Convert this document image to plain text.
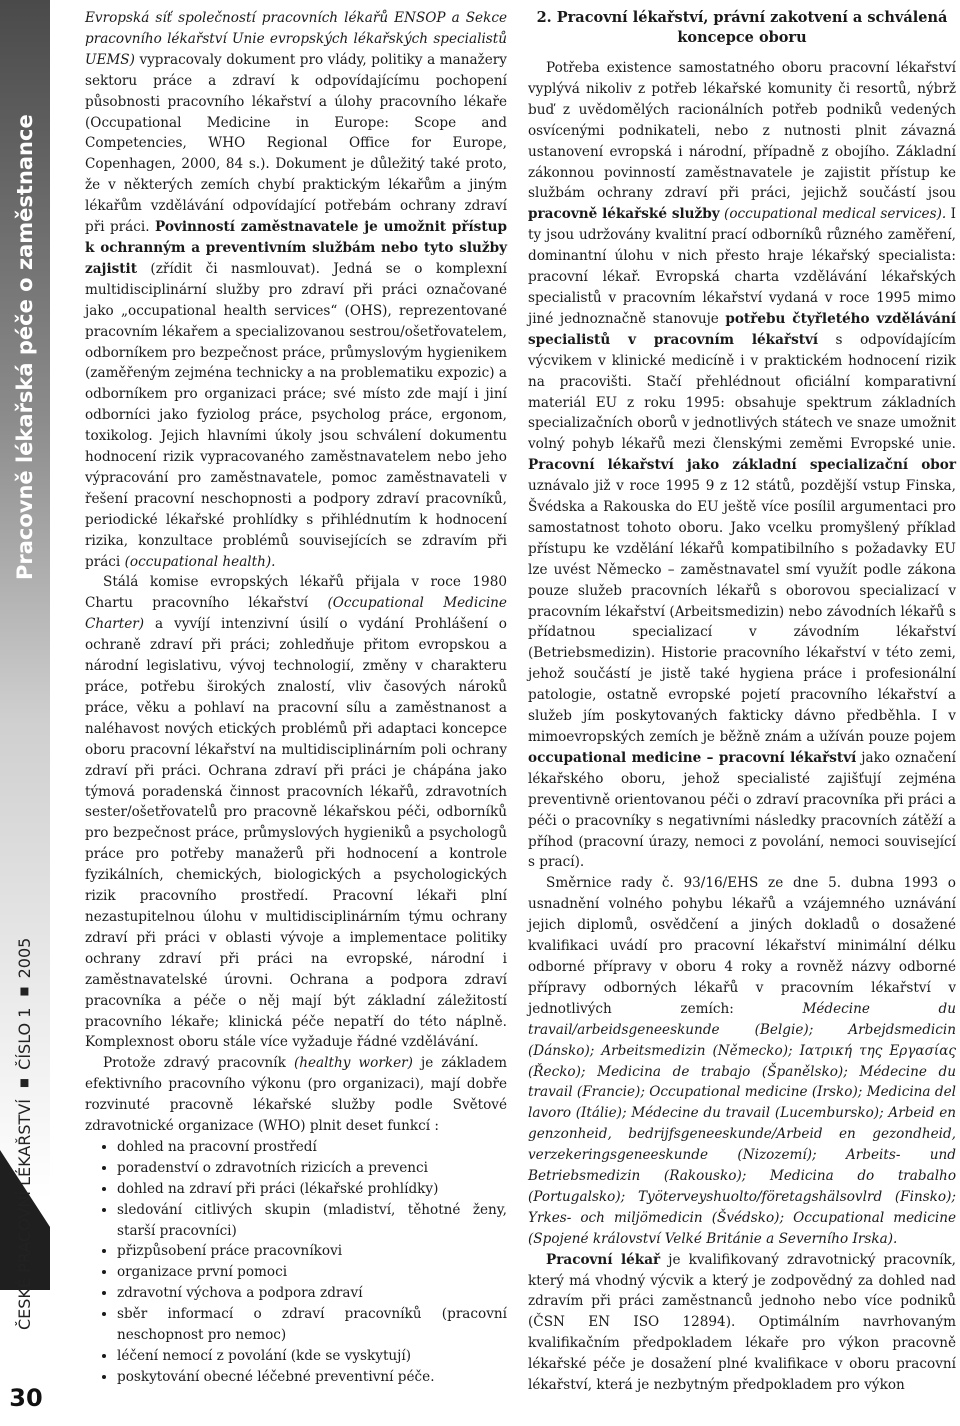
Pracovně lékařská péče o zaměstnance
ČESKÉ PRACOVNÍ LÉKAŘSTVÍ ▪ ČÍSLO 1 ▪ 2005
30

Evropská síť společností pracovních lékařů ENSOP a Sekce pracovního lékařství Unie evropských lékařských specialistů UEMS) vypracovaly dokument pro vlády, politiky a manažery sektoru práce a zdraví k odpovídajícímu pochopení působnosti pracovního lékařství a úlohy pracovního lékaře (Occupational Medicine in Europe: Scope and Competencies, WHO Regional Office for Europe, Copenhagen, 2000, 84 s.). Dokument je důležitý také proto, že v některých zemích chybí praktickým lékařům a jiným lékařům vzdělávání odpovídající potřebám ochrany zdraví při práci. Povinností zaměstnavatele je umožnit přístup k ochranným a preventivním službám nebo tyto služby zajistit (zřídit či nasmlouvat). Jedná se o komplexní multidisciplinární služby pro zdraví při práci označované jako „occupational health services“ (OHS), reprezentované pracovním lékařem a specializovanou sestrou/ošetřovatelem, odborníkem pro bezpečnost práce, průmyslovým hygienikem (zaměřeným zejména technicky a na problematiku expozic) a odborníkem pro organizaci práce; své místo zde mají i jiní odborníci jako fyziolog práce, psycholog práce, ergonom, toxikolog. Jejich hlavními úkoly jsou schválení dokumentu hodnocení rizik vypracovaného zaměstnavatelem nebo jeho výpracování pro zaměstnavatele, pomoc zaměstnavateli v řešení pracovní neschopnosti a podpory zdraví pracovníků, periodické lékařské prohlídky s přihlédnutím k hodnocení rizika, konzultace problémů souvisejících se zdravím při práci (occupational health).

Stálá komise evropských lékařů přijala v roce 1980 Chartu pracovního lékařství (Occupational Medicine Charter) a vyvíjí intenzivní úsilí o vydání Prohlášení o ochraně zdraví při práci; zohledňuje přitom evropskou a národní legislativu, vývoj technologií, změny v charakteru práce, potřebu širokých znalostí, vliv časových nároků práce, věku a pohlaví na pracovní sílu a zaměstnanost a naléhavost nových etických problémů při adaptaci koncepce oboru pracovní lékařství na multidisciplinárním poli ochrany zdraví při práci. Ochrana zdraví při práci je chápána jako týmová poradenská činnost pracovních lékařů, zdravotních sester/ošetřovatelů pro pracovně lékařskou péči, odborníků pro bezpečnost práce, průmyslových hygieniků a psychologů práce pro potřeby manažerů při hodnocení a kontrole fyzikálních, chemických, biologických a psychologických rizik pracovního prostředí. Pracovní lékaři plní nezastupitelnou úlohu v multidisciplinárním týmu ochrany zdraví při práci v oblasti vývoje a implementace politiky ochrany zdraví při práci na evropské, národní i zaměstnavatelské úrovni. Ochrana a podpora zdraví pracovníka a péče o něj mají být základní záležitostí pracovního lékaře; klinická péče nepatří do této náplně. Komplexnost oboru stále více vyžaduje řádné vzdělávání.

Protože zdravý pracovník (healthy worker) je základem efektivního pracovního výkonu (pro organizaci), mají dobře rozvinuté pracovně lékařské služby podle Světové zdravotnické organizace (WHO) plnit deset funkcí :

• dohled na pracovní prostředí
• poradenství o zdravotních rizicích a prevenci
• dohled na zdraví při práci (lékařské prohlídky)
• sledování citlivých skupin (mladiství, těhotné ženy, starší pracovníci)
• přizpůsobení práce pracovníkovi
• organizace první pomoci
• zdravotní výchova a podpora zdraví
• sběr informací o zdraví pracovníků (pracovní neschopnost pro nemoc)
• léčení nemocí z povolání (kde se vyskytují)
• poskytování obecné léčebné preventivní péče.
2. Pracovní lékařství, právní zakotvení a schválená koncepce oboru

Potřeba existence samostatného oboru pracovní lékařství vyplývá nikoliv z potřeb lékařské komunity či resortů, nýbrž buď z uvědomělých racionálních potřeb podniků vedených osvícenými podnikateli, nebo z nutnosti plnit závazná ustanovení evropská i národní, případně z obojího. Základní zákonnou povinností zaměstnavatele je zajistit přístup ke službám ochrany zdraví při práci, jejichž součástí jsou pracovně lékařské služby (occupational medical services). I ty jsou udržovány kvalitní prací odborníků různého zaměření, dominantní úlohu v nich přesto hraje lékařský specialista: pracovní lékař. Evropská charta vzdělávání lékařských specialistů v pracovním lékařství vydaná v roce 1995 mimo jiné jednoznačně stanovuje potřebu čtyřletého vzdělávání specialistů v pracovním lékařství s odpovídajícím výcvikem v klinické medicíně i v praktickém hodnocení rizik na pracovišti. Stačí přehlédnout oficiální komparativní materiál EU z roku 1995: obsahuje spektrum základních specializačních oborů v jednotlivých státech ve snaze umožnit volný pohyb lékařů mezi členskými zeměmi Evropské unie. Pracovní lékařství jako základní specializační obor uznávalo již v roce 1995 9 z 12 států, pozdější vstup Finska, Švédska a Rakouska do EU ještě více posílil argumentaci pro samostatnost tohoto oboru. Jako vcelku promyšlený příklad přístupu ke vzdělání lékařů kompatibilního s požadavky EU lze uvést Německo – zaměstnavatel smí využít podle zákona pouze služeb pracovních lékařů s oborovou specializací v pracovním lékařství (Arbeitsmedizin) nebo závodních lékařů s přídatnou specializací v závodním lékařství (Betriebsmedizin). Historie pracovního lékařství v této zemi, jehož součástí je jistě také hygiena práce i profesionální patologie, ostatně evropské pojetí pracovního lékařství a služeb jím poskytovaných fakticky dávno předběhla. I v mimoevropských zemích je běžně znám a užíván pouze pojem occupational medicine – pracovní lékařství jako označení lékařského oboru, jehož specialisté zajišťují zejména preventivně orientovanou péči o zdraví pracovníka při práci a péči o pracovníky s negativními následky pracovních zátěží a příhod (pracovní úrazy, nemoci z povolání, nemoci související s prací).

Směrnice rady č. 93/16/EHS ze dne 5. dubna 1993 o usnadnění volného pohybu lékařů a vzájemného uznávání jejich diplomů, osvědčení a jiných dokladů o dosažené kvalifikaci uvádí pro pracovní lékařství minimální délku odborné přípravy v oboru 4 roky a rovněž názvy odborné přípravy odborných lékařů v pracovním lékařství v jednotlivých zemích: Médecine du travail/arbeidsgeneeskunde (Belgie); Arbejdsmedicin (Dánsko); Arbeitsmedizin (Německo); Ιατρική της Εργασίας (Řecko); Medicina de trabajo (Španělsko); Médecine du travail (Francie); Occupational medicine (Irsko); Medicina del lavoro (Itálie); Médecine du travail (Lucembursko); Arbeid en genzonheid, bedrijfsgeneeskunde/Arbeid en gezondheid, verzekeringsgeneeskunde (Nizozemí); Arbeits- und Betriebsmedizin (Rakousko); Medicina do trabalho (Portugalsko); Työterveyshuolto/företagshälsovlrd (Finsko); Yrkes- och miljömedicin (Švédsko); Occupational medicine (Spojené království Velké Británie a Severního Irska).

Pracovní lékař je kvalifikovaný zdravotnický pracovník, který má vhodný výcvik a který je zodpovědný za dohled nad zdravím při práci zaměstnanců jednoho nebo více podniků (ČSN EN ISO 12894). Optimálním navrhovaným kvalifikačním předpokladem lékaře pro výkon pracovně lékařské péče je dosažení plné kvalifikace v oboru pracovní lékařství, která je nezbytným předpokladem pro výkon
